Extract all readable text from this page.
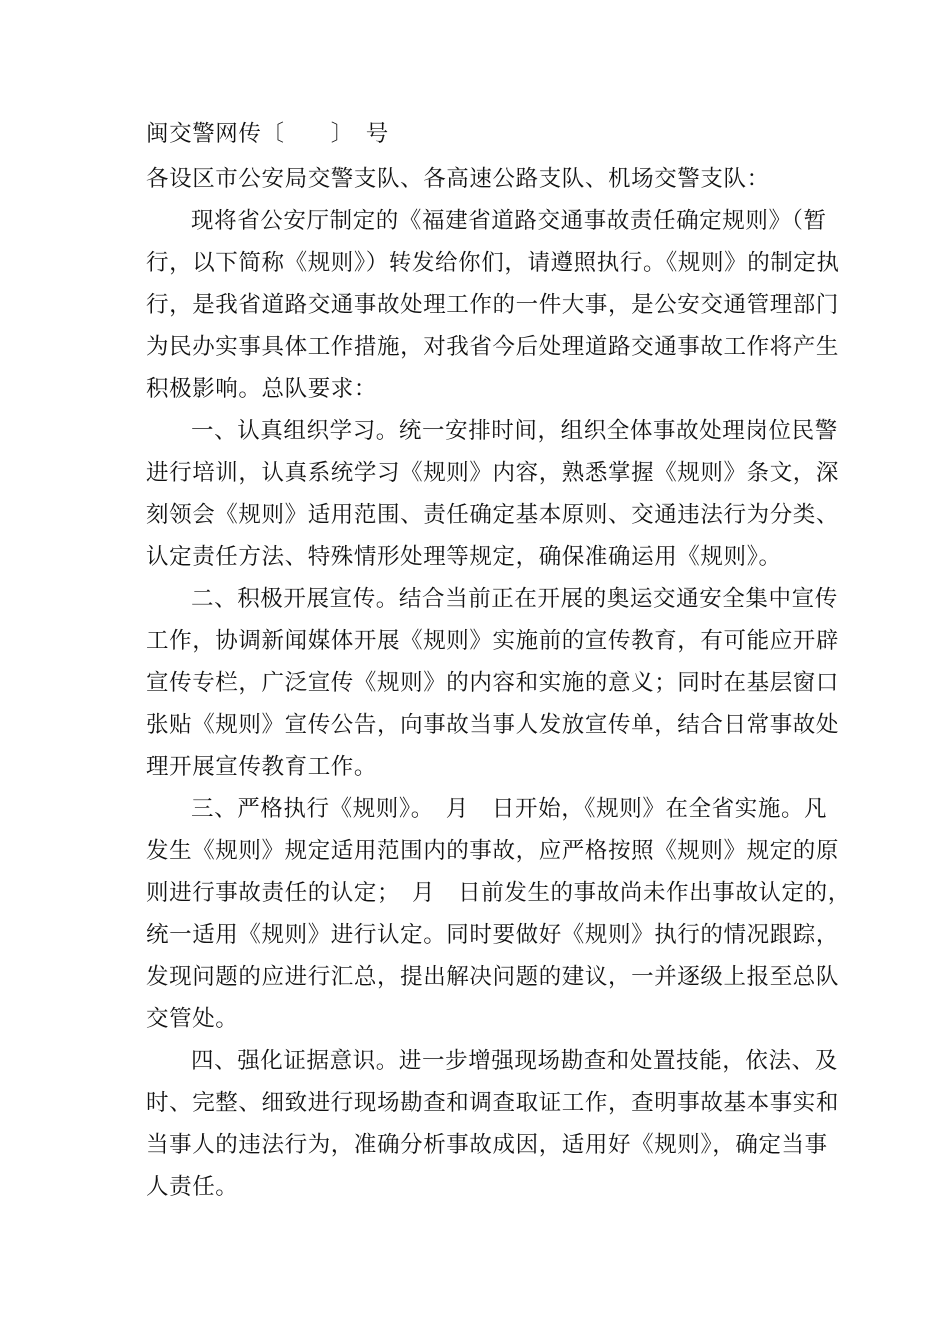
闽交警网传〔　　〕　号
各设区市公安局交警支队、各高速公路支队、机场交警支队：
现将省公安厅制定的《福建省道路交通事故责任确定规则》（暂
行，以下简称《规则》）转发给你们，请遵照执行。《规则》的制定执
行，是我省道路交通事故处理工作的一件大事，是公安交通管理部门
为民办实事具体工作措施，对我省今后处理道路交通事故工作将产生
积极影响。总队要求：
一、认真组织学习。统一安排时间，组织全体事故处理岗位民警
进行培训，认真系统学习《规则》内容，熟悉掌握《规则》条文，深
刻领会《规则》适用范围、责任确定基本原则、交通违法行为分类、
认定责任方法、特殊情形处理等规定，确保准确运用《规则》。
二、积极开展宣传。结合当前正在开展的奥运交通安全集中宣传
工作，协调新闻媒体开展《规则》实施前的宣传教育，有可能应开辟
宣传专栏，广泛宣传《规则》的内容和实施的意义；同时在基层窗口
张贴《规则》宣传公告，向事故当事人发放宣传单，结合日常事故处
理开展宣传教育工作。
三、严格执行《规则》。　月　日开始，《规则》在全省实施。凡
发生《规则》规定适用范围内的事故，应严格按照《规则》规定的原
则进行事故责任的认定；　月　日前发生的事故尚未作出事故认定的，
统一适用《规则》进行认定。同时要做好《规则》执行的情况跟踪，
发现问题的应进行汇总，提出解决问题的建议，一并逐级上报至总队
交管处。
四、强化证据意识。进一步增强现场勘查和处置技能，依法、及
时、完整、细致进行现场勘查和调查取证工作，查明事故基本事实和
当事人的违法行为，准确分析事故成因，适用好《规则》，确定当事
人责任。
